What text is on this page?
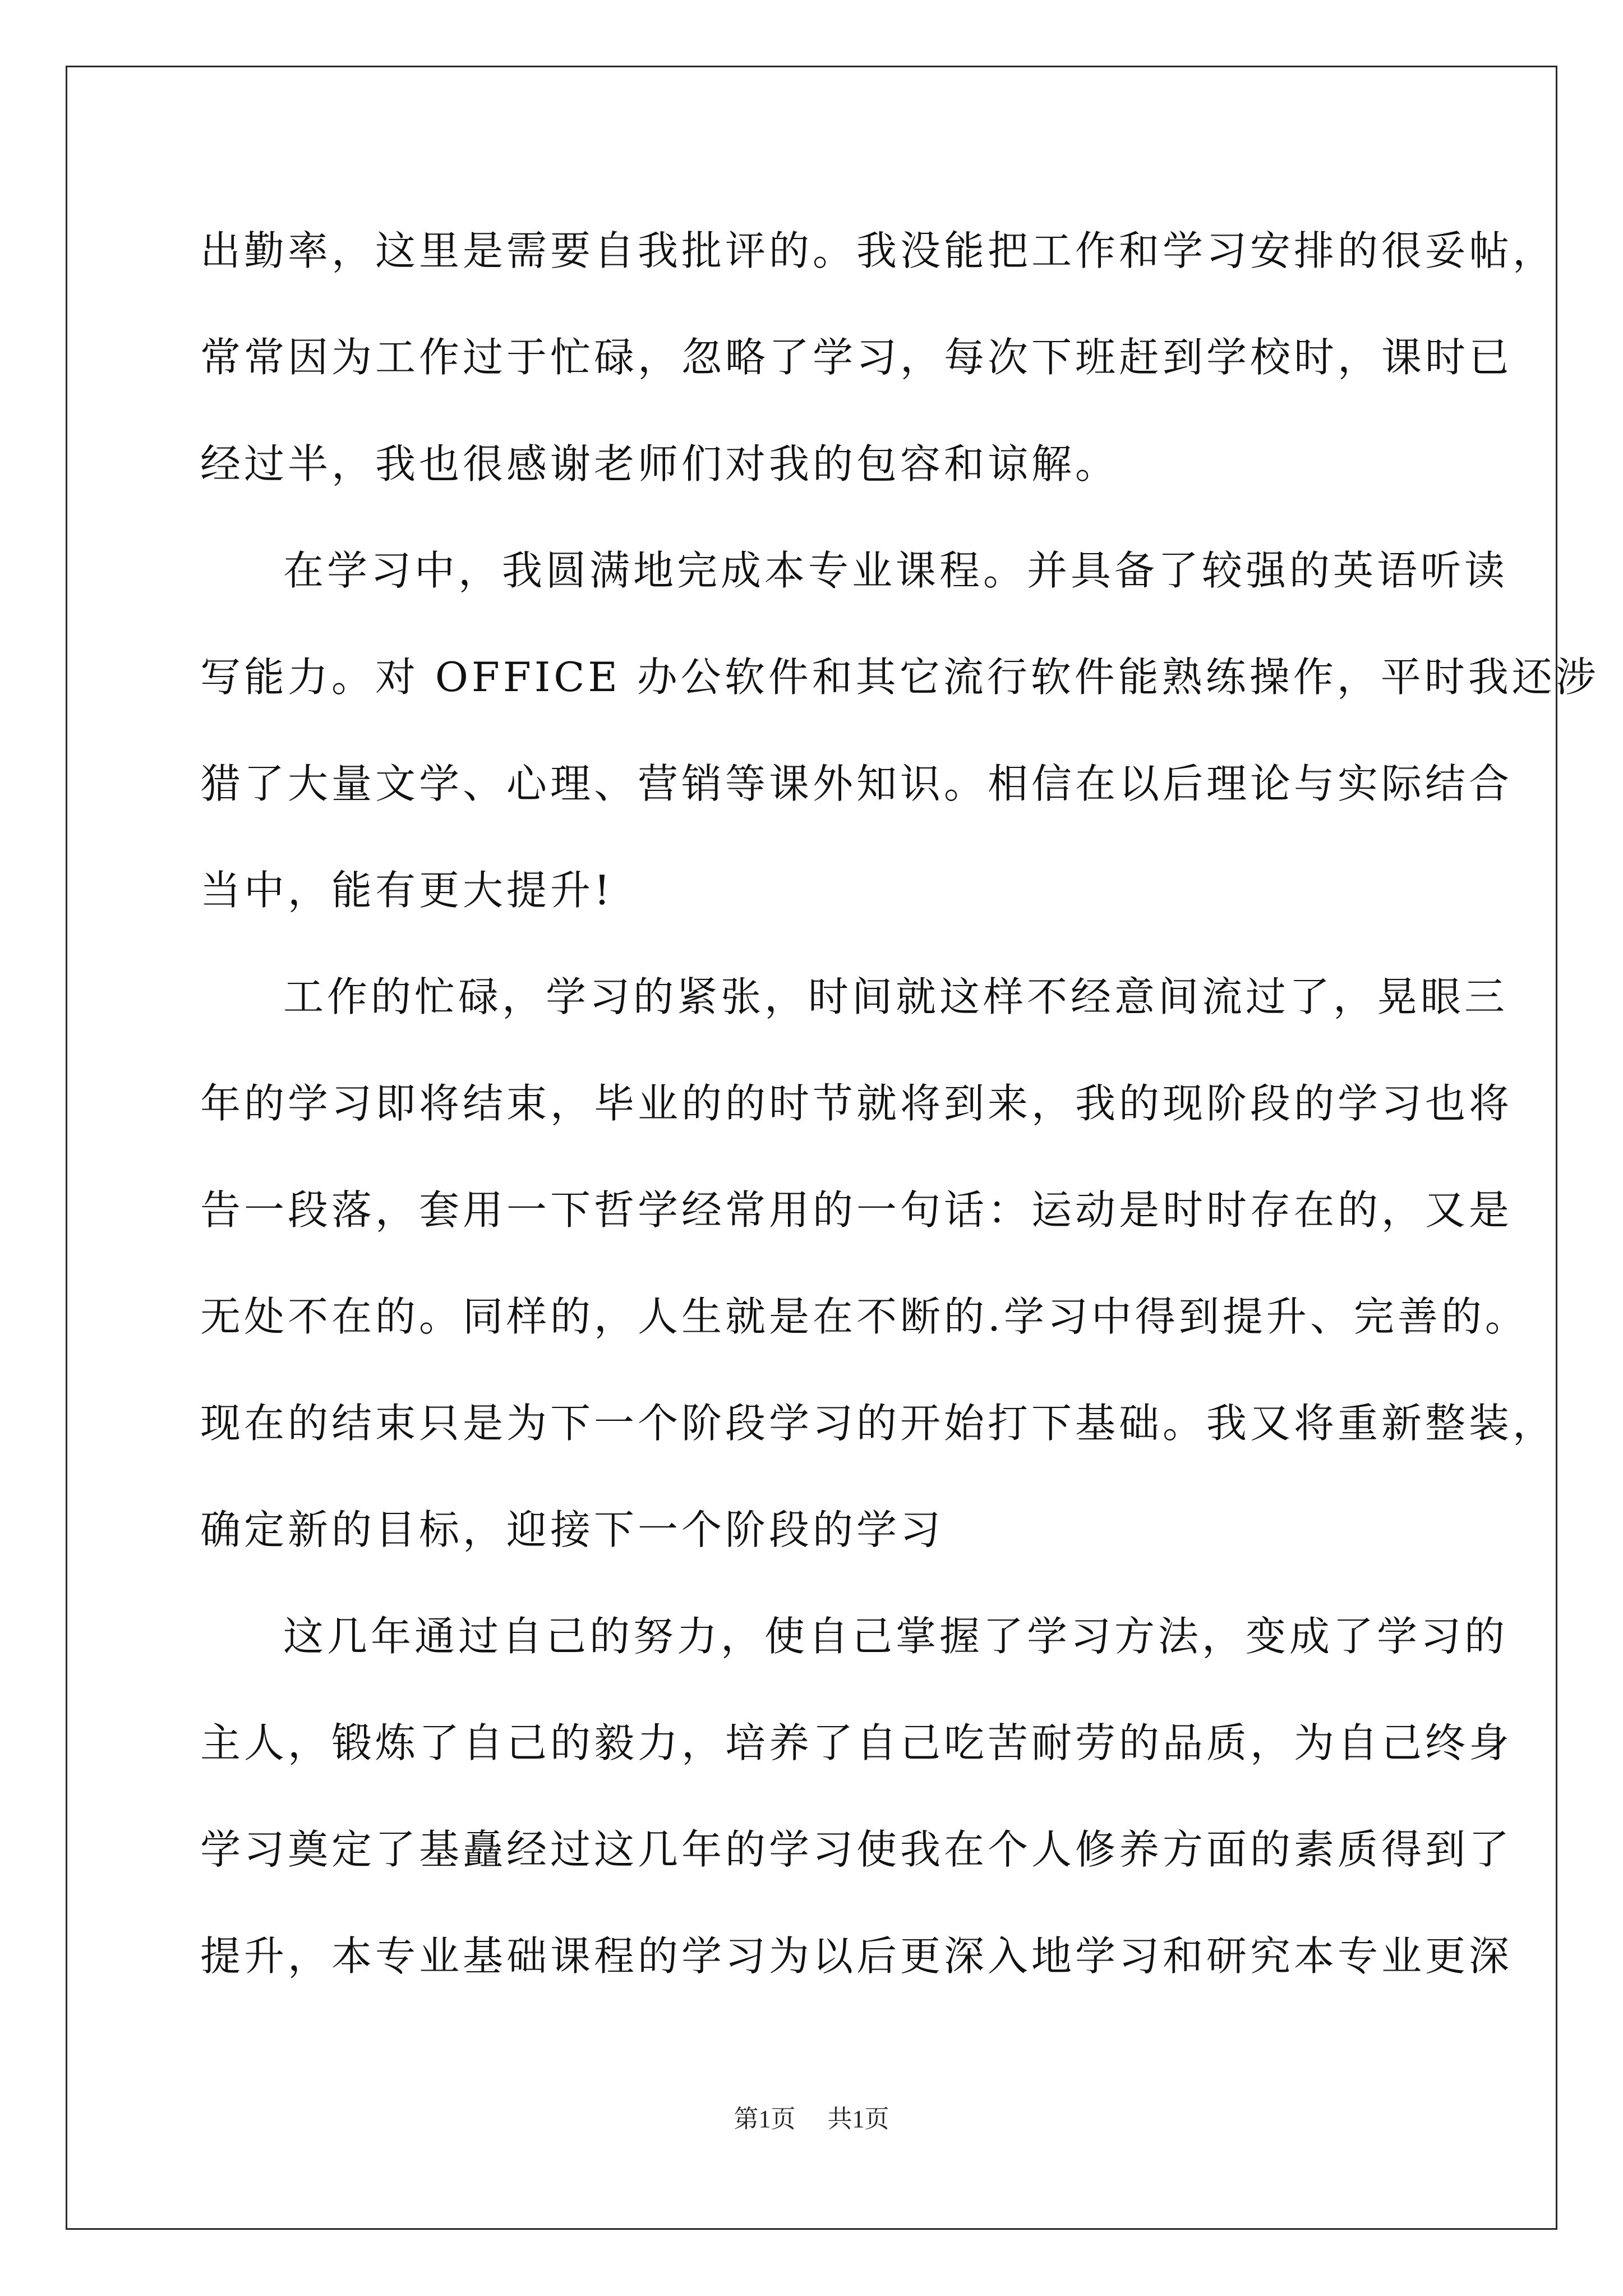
出勤率，这里是需要自我批评的。我没能把工作和学习安排的很妥帖，
常常因为工作过于忙碌，忽略了学习，每次下班赶到学校时，课时已
经过半，我也很感谢老师们对我的包容和谅解。

在学习中，我圆满地完成本专业课程。并具备了较强的英语听读
写能力。对 OFFICE 办公软件和其它流行软件能熟练操作，平时我还涉
猎了大量文学、心理、营销等课外知识。相信在以后理论与实际结合
当中，能有更大提升!

工作的忙碌，学习的紧张，时间就这样不经意间流过了，晃眼三
年的学习即将结束，毕业的的时节就将到来，我的现阶段的学习也将
告一段落，套用一下哲学经常用的一句话：运动是时时存在的，又是
无处不在的。同样的，人生就是在不断的.学习中得到提升、完善的。
现在的结束只是为下一个阶段学习的开始打下基础。我又将重新整装，
确定新的目标，迎接下一个阶段的学习

这几年通过自己的努力，使自己掌握了学习方法，变成了学习的
主人，锻炼了自己的毅力，培养了自己吃苦耐劳的品质，为自己终身
学习奠定了基矗经过这几年的学习使我在个人修养方面的素质得到了
提升，本专业基础课程的学习为以后更深入地学习和研究本专业更深

第1页 共1页
